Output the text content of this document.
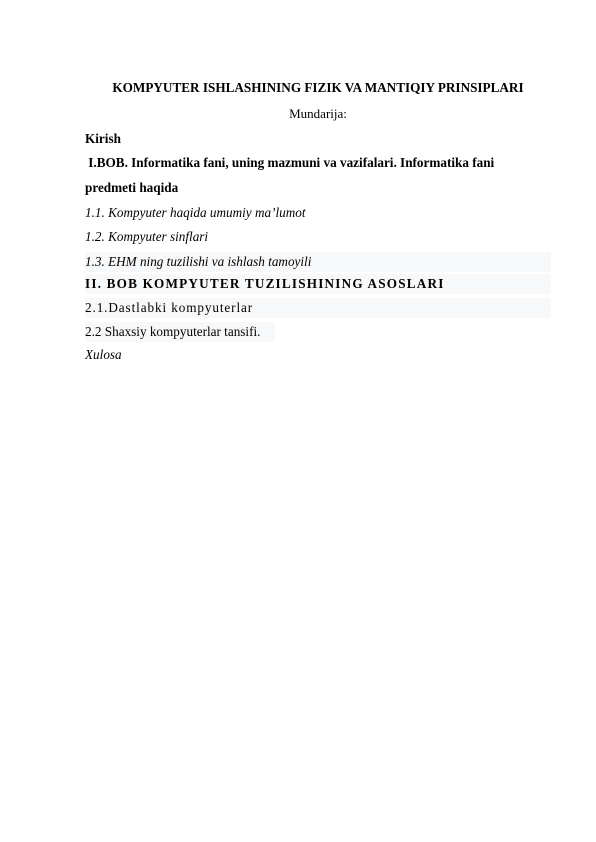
KOMPYUTER ISHLASHINING FIZIK VA MANTIQIY PRINSIPLARI
Mundarija:
Kirish
I.BOB. Informatika fani, uning mazmuni va vazifalari. Informatika fani
predmeti haqida
1.1. Kompyuter haqida umumiy ma’lumot
1.2. Kompyuter sinflari
1.3. EHM ning tuzilishi va ishlash tamoyili
II. BOB KOMPYUTER TUZILISHINING ASOSLARI
2.1.Dastlabki kompyuterlar
2.2 Shaxsiy kompyuterlar tansifi.
Xulosa
